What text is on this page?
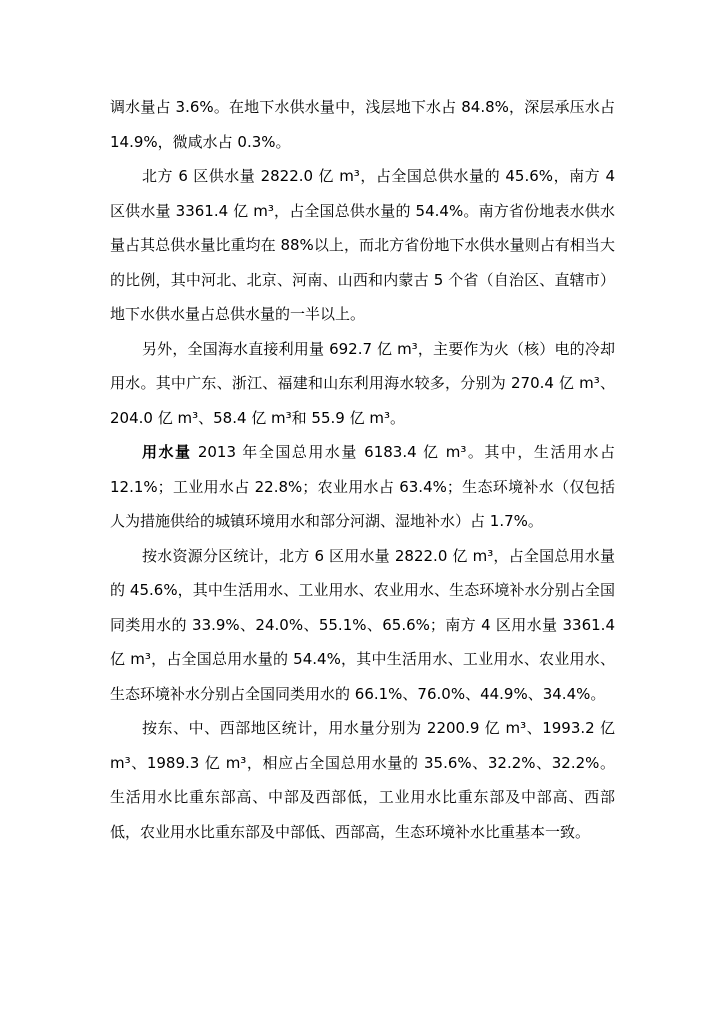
调水量占 3.6%。在地下水供水量中，浅层地下水占 84.8%，深层承压水占 14.9%，微咸水占 0.3%。

北方 6 区供水量 2822.0 亿 m³，占全国总供水量的 45.6%，南方 4 区供水量 3361.4 亿 m³，占全国总供水量的 54.4%。南方省份地表水供水量占其总供水量比重均在 88%以上，而北方省份地下水供水量则占有相当大的比例，其中河北、北京、河南、山西和内蒙古 5 个省（自治区、直辖市）地下水供水量占总供水量的一半以上。

另外，全国海水直接利用量 692.7 亿 m³，主要作为火（核）电的冷却用水。其中广东、浙江、福建和山东利用海水较多，分别为 270.4 亿 m³、204.0 亿 m³、58.4 亿 m³和 55.9 亿 m³。

用水量 2013 年全国总用水量 6183.4 亿 m³。其中，生活用水占 12.1%；工业用水占 22.8%；农业用水占 63.4%；生态环境补水（仅包括人为措施供给的城镇环境用水和部分河湖、湿地补水）占 1.7%。

按水资源分区统计，北方 6 区用水量 2822.0 亿 m³，占全国总用水量的 45.6%，其中生活用水、工业用水、农业用水、生态环境补水分别占全国同类用水的 33.9%、24.0%、55.1%、65.6%；南方 4 区用水量 3361.4 亿 m³，占全国总用水量的 54.4%，其中生活用水、工业用水、农业用水、生态环境补水分别占全国同类用水的 66.1%、76.0%、44.9%、34.4%。

按东、中、西部地区统计，用水量分别为 2200.9 亿 m³、1993.2 亿 m³、1989.3 亿 m³，相应占全国总用水量的 35.6%、32.2%、32.2%。生活用水比重东部高、中部及西部低，工业用水比重东部及中部高、西部低，农业用水比重东部及中部低、西部高，生态环境补水比重基本一致。
